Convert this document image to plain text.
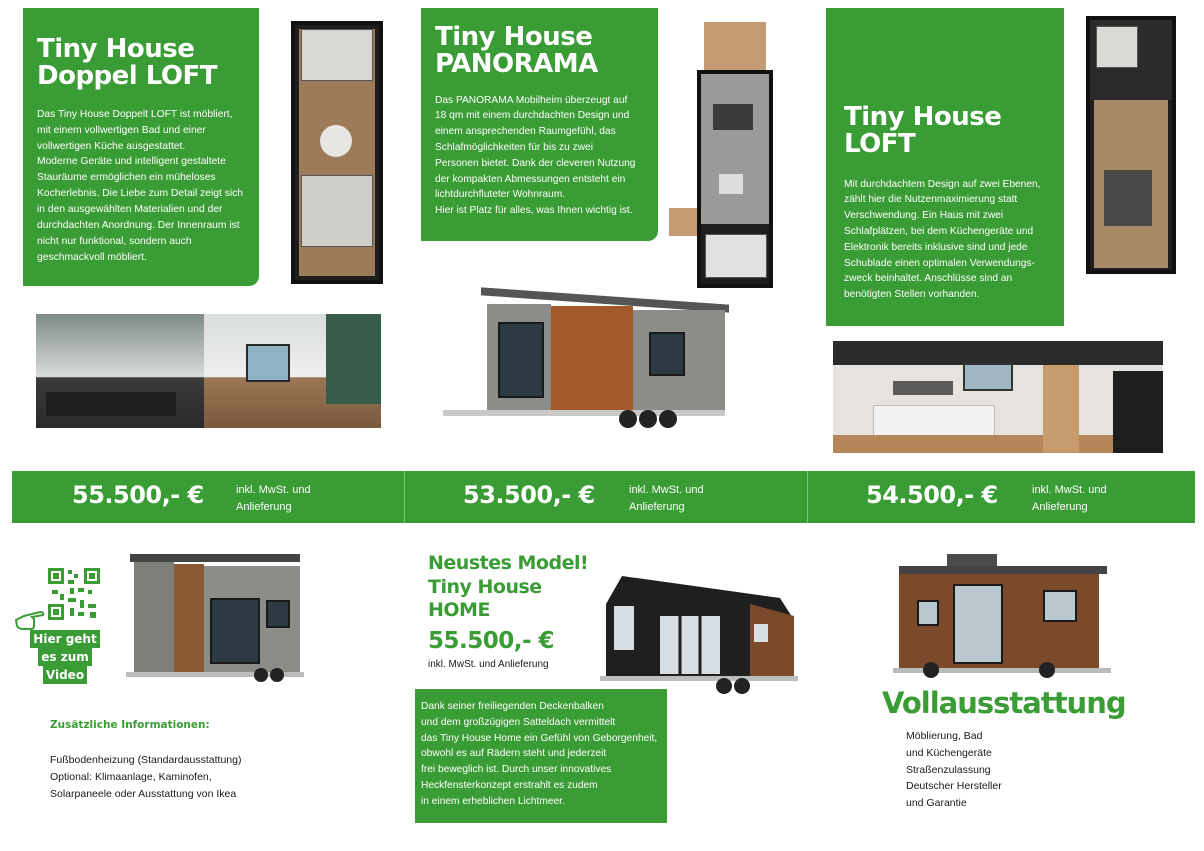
Tiny House
Doppel LOFT

Das Tiny House Doppelt LOFT ist möbliert,
mit einem vollwertigen Bad und einer
vollwertigen Küche ausgestattet.
Moderne Geräte und intelligent gestaltete
Stauräume ermöglichen ein müheloses
Kocherlebnis. Die Liebe zum Detail zeigt sich
in den ausgewählten Materialien und der
durchdachten Anordnung. Der Innenraum ist
nicht nur funktional, sondern auch
geschmackvoll möbliert.

Tiny House
PANORAMA

Das PANORAMA Mobilheim überzeugt auf
18 qm mit einem durchdachten Design und
einem ansprechenden Raumgefühl, das
Schlafmöglichkeiten für bis zu zwei
Personen bietet. Dank der cleveren Nutzung
der kompakten Abmessungen entsteht ein
lichtdurchfluteter Wohnraum.
Hier ist Platz für alles, was Ihnen wichtig ist.

Tiny House
LOFT

Mit durchdachtem Design auf zwei Ebenen,
zählt hier die Nutzenmaximierung statt
Verschwendung. Ein Haus mit zwei
Schlafplätzen, bei dem Küchengeräte und
Elektronik bereits inklusive sind und jede
Schublade einen optimalen Verwendungs-
zweck beinhaltet. Anschlüsse sind an
benötigten Stellen vorhanden.

55.500,- €	inkl. MwSt. und
Anlieferung	53.500,- €	inkl. MwSt. und
Anlieferung	54.500,- €	inkl. MwSt. und
Anlieferung
Hier geht
es zum
Video
Zusätzliche Informationen:
Fußbodenheizung (Standardausstattung)
Optional: Klimaanlage, Kaminofen,
Solarpaneele oder Ausstattung von Ikea
Neustes Model!
Tiny House
HOME
55.500,- €
inkl. MwSt. und Anlieferung

Dank seiner freiliegenden Deckenbalken
und dem großzügigen Satteldach vermittelt
das Tiny House Home ein Gefühl von Geborgenheit,
obwohl es auf Rädern steht und jederzeit
frei beweglich ist. Durch unser innovatives
Heckfensterkonzept erstrahlt es zudem
in einem erheblichen Lichtmeer.

Vollausstattung
Möblierung, Bad
und Küchengeräte
Straßenzulassung
Deutscher Hersteller
und Garantie
